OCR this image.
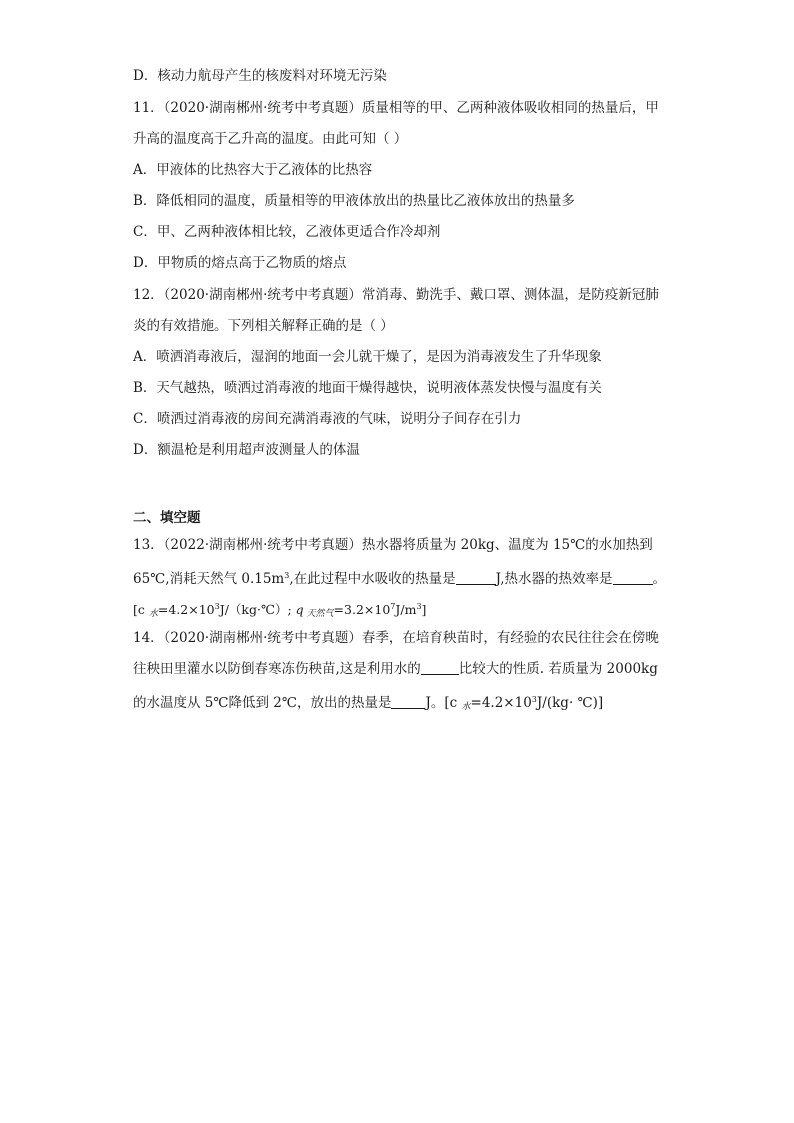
D．核动力航母产生的核废料对环境无污染
11．（2020·湖南郴州·统考中考真题）质量相等的甲、乙两种液体吸收相同的热量后，甲
升高的温度高于乙升高的温度。由此可知（ ）
A．甲液体的比热容大于乙液体的比热容
B．降低相同的温度，质量相等的甲液体放出的热量比乙液体放出的热量多
C．甲、乙两种液体相比较，乙液体更适合作冷却剂
D．甲物质的熔点高于乙物质的熔点
12．（2020·湖南郴州·统考中考真题）常消毒、勤洗手、戴口罩、测体温，是防疫新冠肺
炎的有效措施。下列相关解释正确的是（ ）
A．喷洒消毒液后，湿润的地面一会儿就干燥了，是因为消毒液发生了升华现象
B．天气越热，喷洒过消毒液的地面干燥得越快，说明液体蒸发快慢与温度有关
C．喷洒过消毒液的房间充满消毒液的气味，说明分子间存在引力
D．额温枪是利用超声波测量人的体温
二、填空题
13．（2022·湖南郴州·统考中考真题）热水器将质量为 20kg、温度为 15℃的水加热到
65℃,消耗天然气 $0.15m^3$,在此过程中水吸收的热量是	J,热水器的热效率是	。
[c $_水=4.2\times 10^3J/(kg\cdot℃)$; q $_{天然气}=3.2\times 10^7J/m^3$]
14．（2020·湖南郴州·统考中考真题）春季，在培育秧苗时，有经验的农民往往会在傍晚
往秧田里灌水以防倒春寒冻伤秧苗,这是利用水的	比较大的性质. 若质量为 2000kg
的水温度从 5℃降低到 2℃，放出的热量是	J。[c $_水=4.2\times 10^3J/(kg\cdot$ ℃)]
